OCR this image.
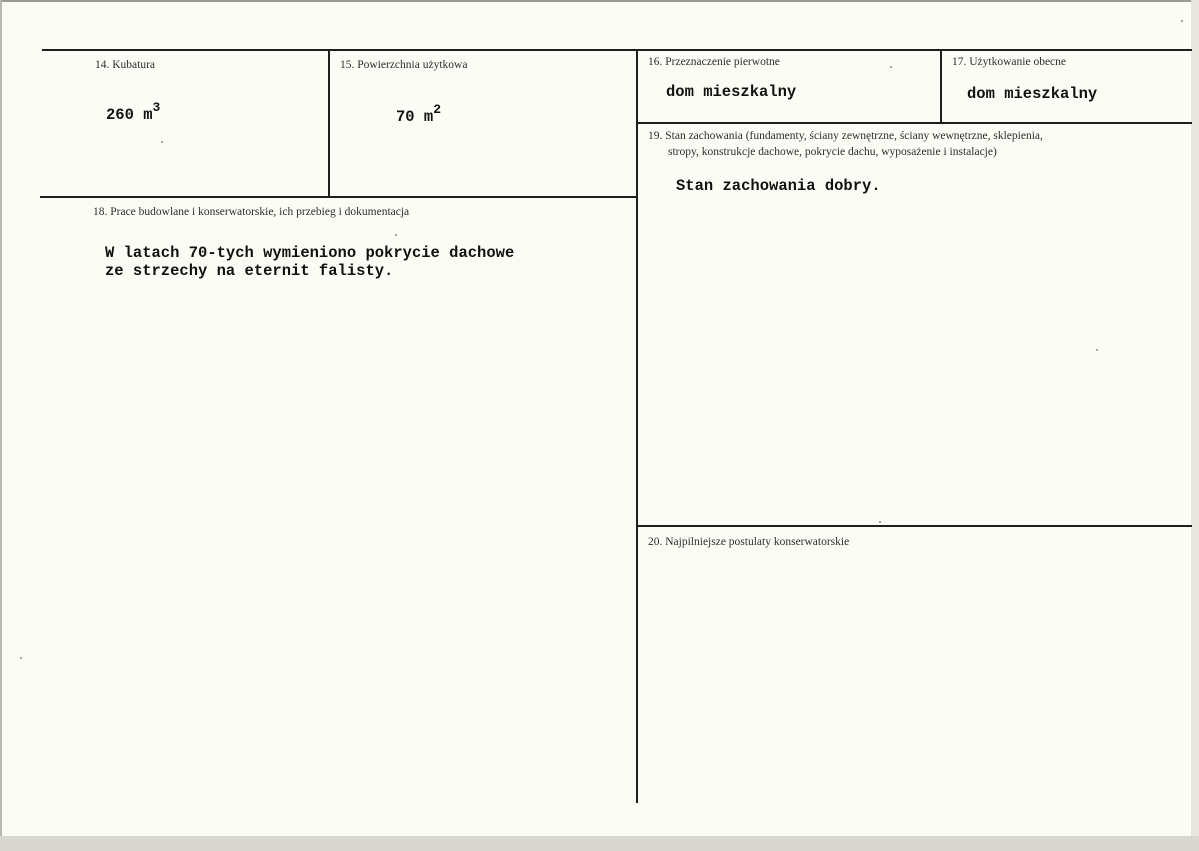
14. Kubatura
260 $m^3$
15. Powierzchnia użytkowa
70 $m^2$
16. Przeznaczenie pierwotne
dom mieszkalny
17. Użytkowanie obecne
dom mieszkalny
18. Prace budowlane i konserwatorskie, ich przebieg i dokumentacja
W latach 70-tych wymieniono pokrycie dachowe
ze strzechy na eternit falisty.
19. Stan zachowania (fundamenty, ściany zewnętrzne, ściany wewnętrzne, sklepienia,
stropy, konstrukcje dachowe, pokrycie dachu, wyposażenie i instalacje)
Stan zachowania dobry.
20. Najpilniejsze postulaty konserwatorskie
